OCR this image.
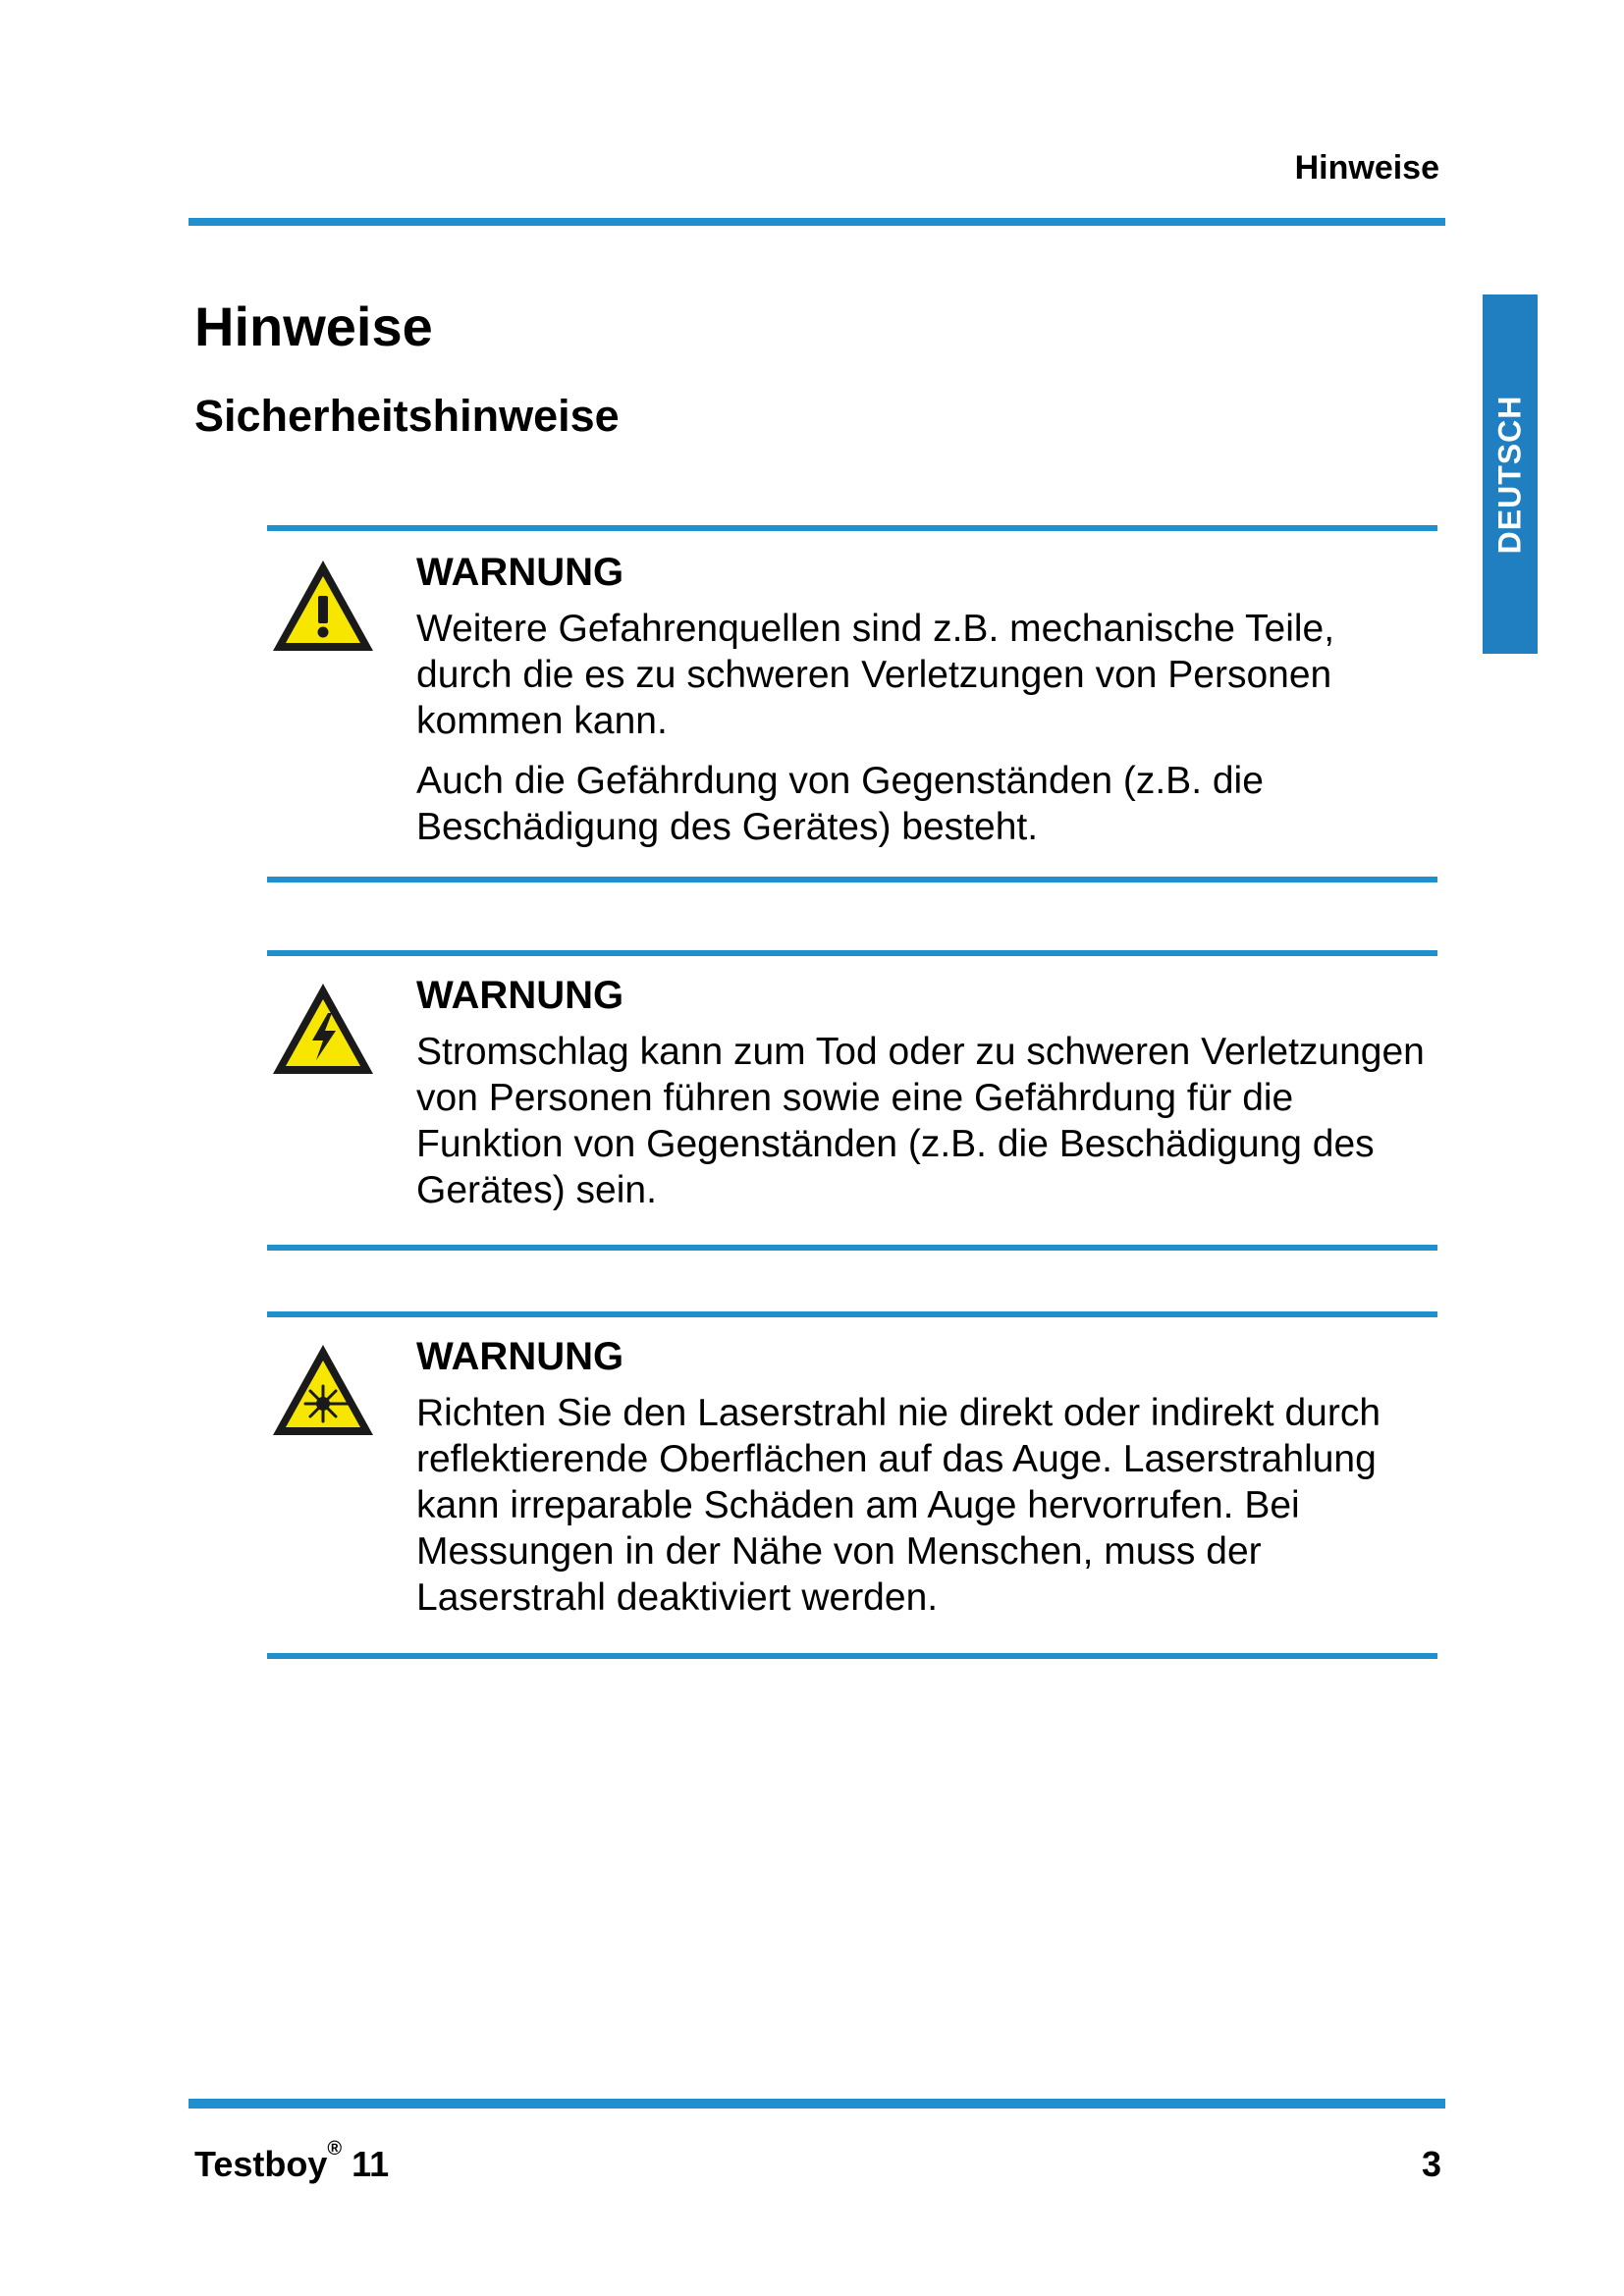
Hinweise
DEUTSCH
Hinweise
Sicherheitshinweise
WARNUNG
Weitere Gefahrenquellen sind z.B. mechanische Teile, durch die es zu schweren Verletzungen von Personen kommen kann.
Auch die Gefährdung von Gegenständen (z.B. die Beschädigung des Gerätes) besteht.
WARNUNG
Stromschlag kann zum Tod oder zu schweren Verletzungen von Personen führen sowie eine Gefährdung für die Funktion von Gegenständen (z.B. die Beschädigung des Gerätes) sein.
WARNUNG
Richten Sie den Laserstrahl nie direkt oder indirekt durch reflektierende Oberflächen auf das Auge. Laserstrahlung kann irreparable Schäden am Auge hervorrufen. Bei Messungen in der Nähe von Menschen, muss der Laserstrahl deaktiviert werden.
Testboy® 11	3
